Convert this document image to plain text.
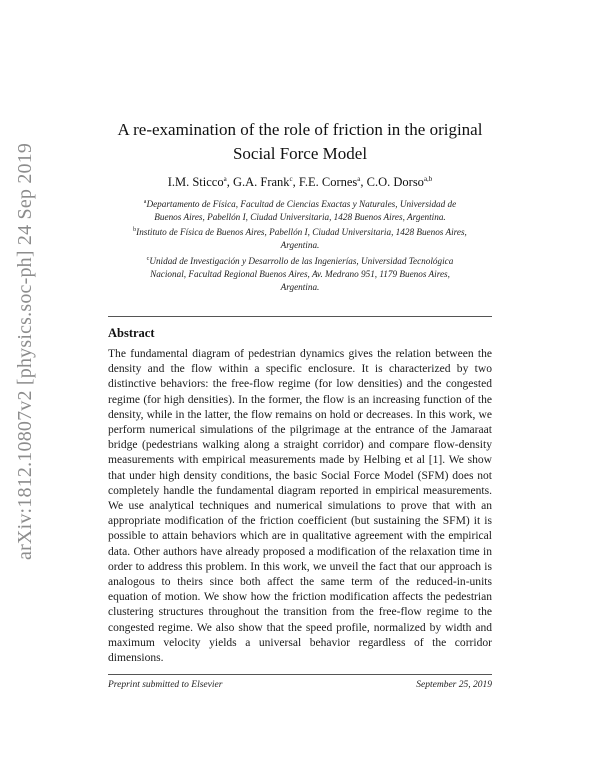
arXiv:1812.10807v2 [physics.soc-ph] 24 Sep 2019
A re-examination of the role of friction in the original
Social Force Model
I.M. Sticco$^a$, G.A. Frank$^c$, F.E. Cornes$^a$, C.O. Dorso$^{a,b}$
$^a$Departamento de Física, Facultad de Ciencias Exactas y Naturales, Universidad de Buenos Aires, Pabellón I, Ciudad Universitaria, 1428 Buenos Aires, Argentina.
$^b$Instituto de Física de Buenos Aires, Pabellón I, Ciudad Universitaria, 1428 Buenos Aires, Argentina.
$^c$Unidad de Investigación y Desarrollo de las Ingenierías, Universidad Tecnológica Nacional, Facultad Regional Buenos Aires, Av. Medrano 951, 1179 Buenos Aires, Argentina.
Abstract

The fundamental diagram of pedestrian dynamics gives the relation between the density and the flow within a specific enclosure. It is characterized by two distinctive behaviors: the free-flow regime (for low densities) and the congested regime (for high densities). In the former, the flow is an increasing function of the density, while in the latter, the flow remains on hold or decreases. In this work, we perform numerical simulations of the pilgrimage at the entrance of the Jamaraat bridge (pedestrians walking along a straight corridor) and compare flow-density measurements with empirical measurements made by Helbing et al [1]. We show that under high density conditions, the basic Social Force Model (SFM) does not completely handle the fundamental diagram reported in empirical measurements. We use analytical techniques and numerical simulations to prove that with an appropriate modification of the friction coefficient (but sustaining the SFM) it is possible to attain behaviors which are in qualitative agreement with the empirical data. Other authors have already proposed a modification of the relaxation time in order to address this problem. In this work, we unveil the fact that our approach is analogous to theirs since both affect the same term of the reduced-in-units equation of motion. We show how the friction modification affects the pedestrian clustering structures throughout the transition from the free-flow regime to the congested regime. We also show that the speed profile, normalized by width and maximum velocity yields a universal behavior regardless of the corridor dimensions.

Preprint submitted to Elsevier	September 25, 2019
